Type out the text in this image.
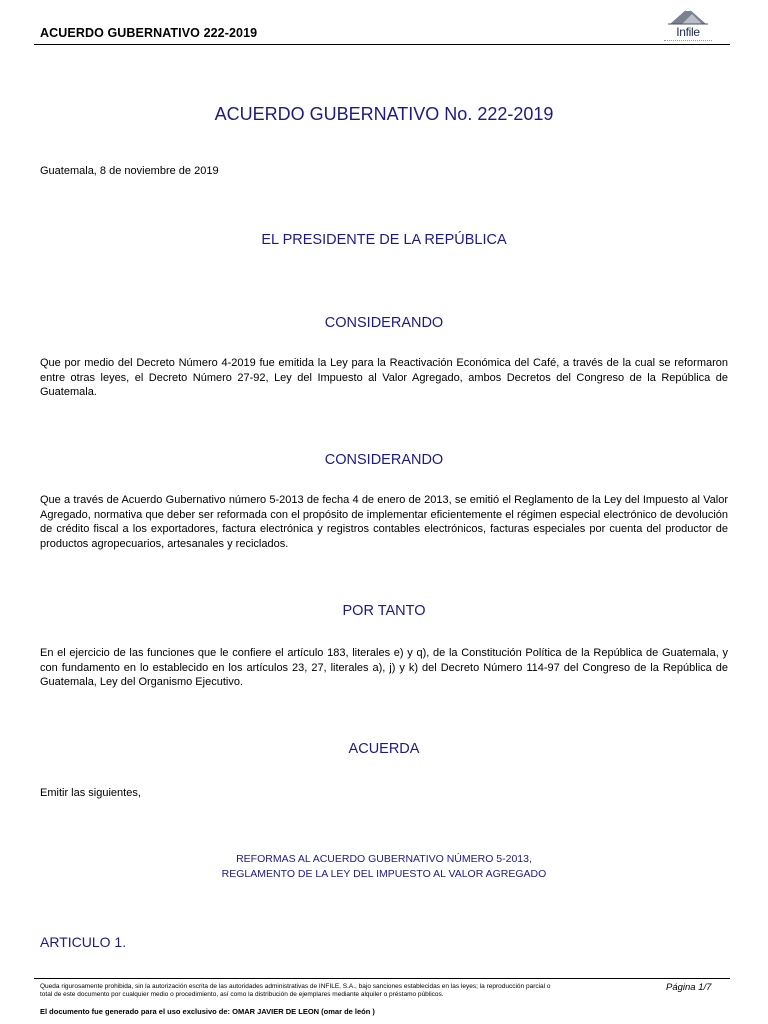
ACUERDO GUBERNATIVO 222-2019	Infile
ACUERDO GUBERNATIVO No. 222-2019
Guatemala, 8 de noviembre de 2019
EL PRESIDENTE DE LA REPÚBLICA
CONSIDERANDO
Que por medio del Decreto Número 4-2019 fue emitida la Ley para la Reactivación Económica del Café, a través de la cual se reformaron entre otras leyes, el Decreto Número 27-92, Ley del Impuesto al Valor Agregado, ambos Decretos del Congreso de la República de Guatemala.
CONSIDERANDO
Que a través de Acuerdo Gubernativo número 5-2013 de fecha 4 de enero de 2013, se emitió el Reglamento de la Ley del Impuesto al Valor Agregado, normativa que deber ser reformada con el propósito de implementar eficientemente el régimen especial electrónico de devolución de crédito fiscal a los exportadores, factura electrónica y registros contables electrónicos, facturas especiales por cuenta del productor de productos agropecuarios, artesanales y reciclados.
POR TANTO
En el ejercicio de las funciones que le confiere el artículo 183, literales e) y q), de la Constitución Política de la República de Guatemala, y con fundamento en lo establecido en los artículos 23, 27, literales a), j) y k) del Decreto Número 114-97 del Congreso de la República de Guatemala, Ley del Organismo Ejecutivo.
ACUERDA
Emitir las siguientes,
REFORMAS AL ACUERDO GUBERNATIVO NÚMERO 5-2013,
REGLAMENTO DE LA LEY DEL IMPUESTO AL VALOR AGREGADO
ARTICULO 1.
Queda rigurosamente prohibida, sin la autorización escrita de las autoridades administrativas de INFILE, S.A., bajo sanciones establecidas en las leyes; la reproducción parcial o total de este documento por cualquier medio o procedimiento, así como la distribución de ejemplares mediante alquiler o préstamo públicos.
Página 1/7
El documento fue generado para el uso exclusivo de: OMAR JAVIER DE LEON (omar de león )
